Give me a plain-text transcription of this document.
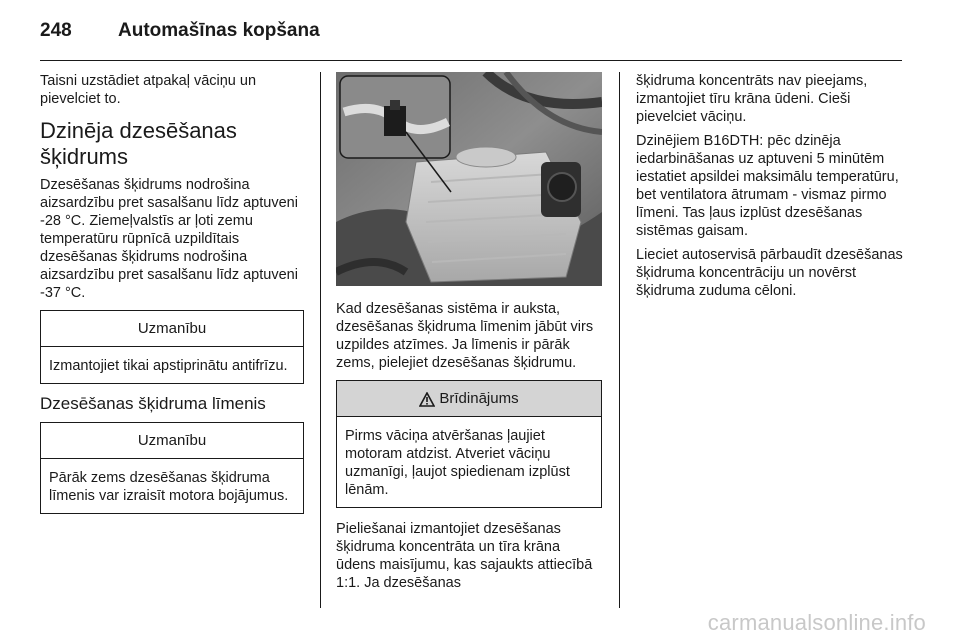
248	Automašīnas kopšana

Taisni uzstādiet atpakaļ vāciņu un pievelciet to.

Dzinēja dzesēšanas šķidrums

Dzesēšanas šķidrums nodrošina aizsardzību pret sasalšanu līdz aptuveni -28 °C. Ziemeļvalstīs ar ļoti zemu temperatūru rūpnīcā uzpildītais dzesēšanas šķidrums nodrošina aizsardzību pret sasalšanu līdz aptuveni -37 °C.

Uzmanību
Izmantojiet tikai apstiprinātu antifrīzu.
Dzesēšanas šķidruma līmenis
Uzmanību
Pārāk zems dzesēšanas šķidruma līmenis var izraisīt motora bojājumus.

Kad dzesēšanas sistēma ir auksta, dzesēšanas šķidruma līmenim jābūt virs uzpildes atzīmes. Ja līmenis ir pārāk zems, pielejiet dzesēšanas šķidrumu.

Brīdinājums
Pirms vāciņa atvēršanas ļaujiet motoram atdzist. Atveriet vāciņu uzmanīgi, ļaujot spiedienam izplūst lēnām.

Pieliešanai izmantojiet dzesēšanas šķidruma koncentrāta un tīra krāna ūdens maisījumu, kas sajaukts attiecībā 1:1. Ja dzesēšanas

šķidruma koncentrāts nav pieejams, izmantojiet tīru krāna ūdeni. Cieši pievelciet vāciņu.

Dzinējiem B16DTH: pēc dzinēja iedarbināšanas uz aptuveni 5 minūtēm iestatiet apsildei maksimālu temperatūru, bet ventilatora ātrumam - vismaz pirmo līmeni. Tas ļaus izplūst dzesēšanas sistēmas gaisam.

Lieciet autoservisā pārbaudīt dzesēšanas šķidruma koncentrāciju un novērst šķidruma zuduma cēloni.

carmanualsonline.info
